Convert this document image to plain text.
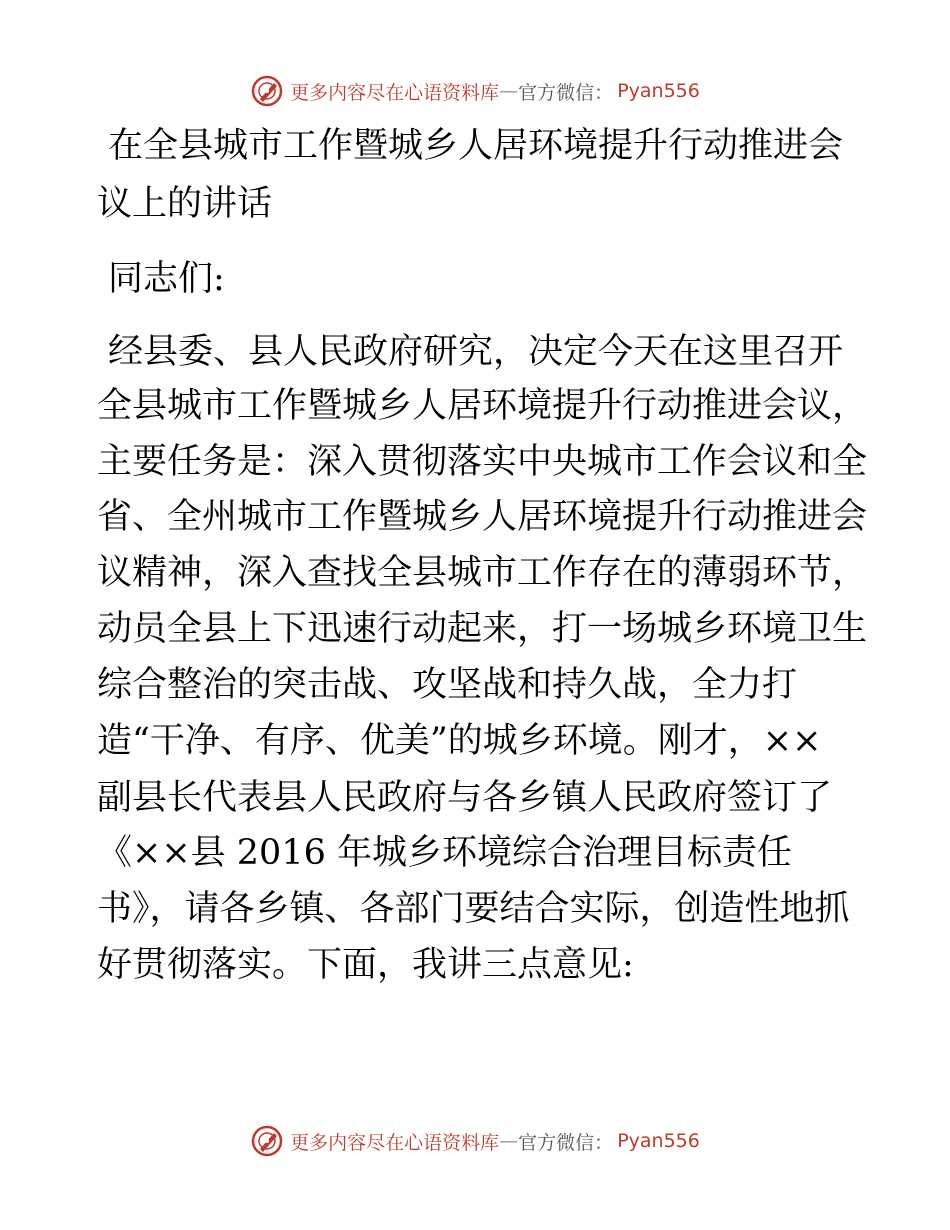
更多内容尽在心语资料库 — 官方微信： Pyan556
在全县城市工作暨城乡人居环境提升行动推进会
议上的讲话
同志们:
经县委、县人民政府研究，决定今天在这里召开
全县城市工作暨城乡人居环境提升行动推进会议，
主要任务是：深入贯彻落实中央城市工作会议和全
省、全州城市工作暨城乡人居环境提升行动推进会
议精神，深入查找全县城市工作存在的薄弱环节，
动员全县上下迅速行动起来，打一场城乡环境卫生
综合整治的突击战、攻坚战和持久战，全力打
造“干净、有序、优美”的城乡环境。刚才，××
副县长代表县人民政府与各乡镇人民政府签订了
《××县 2016 年城乡环境综合治理目标责任
书》，请各乡镇、各部门要结合实际，创造性地抓
好贯彻落实。下面，我讲三点意见:
更多内容尽在心语资料库 — 官方微信： Pyan556
